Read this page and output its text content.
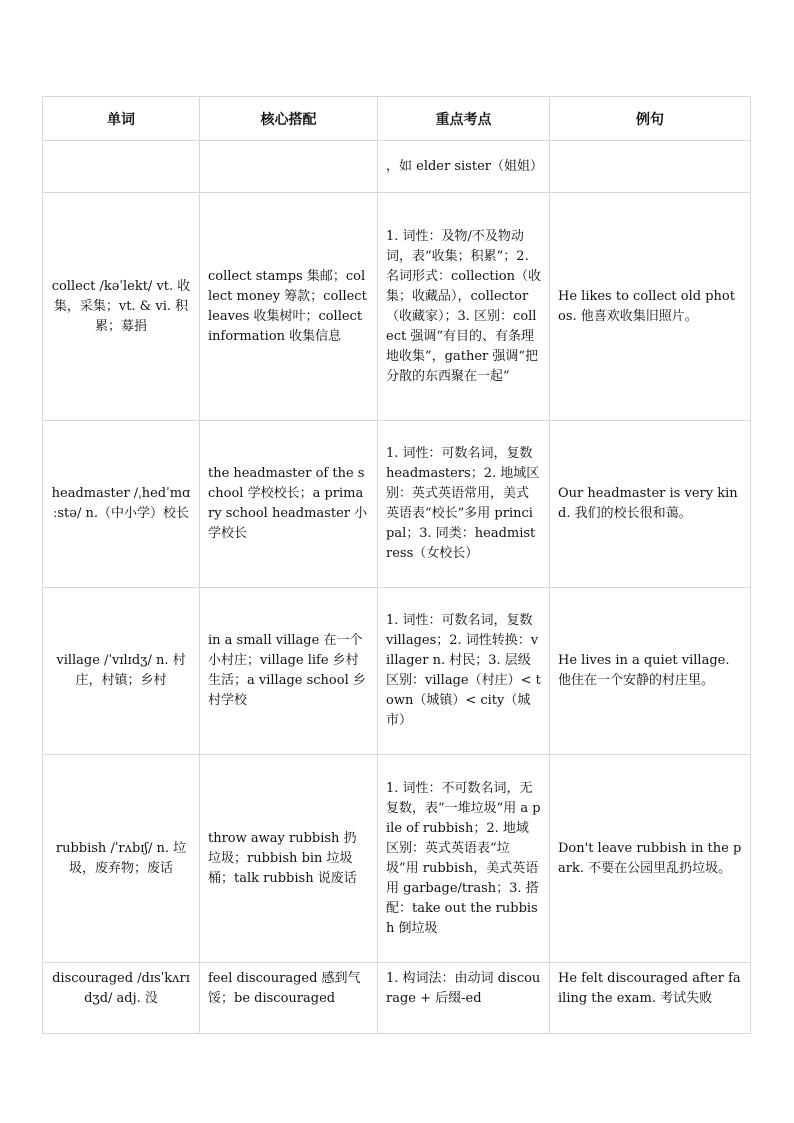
单词	核心搭配	重点考点	例句
		，如 elder sister（姐姐）	
collect /kəˈlekt/ vt. 收集，采集；vt. & vi. 积累；募捐	collect stamps 集邮；collect money 筹款；collect leaves 收集树叶；collect information 收集信息	1. 词性：及物/不及物动词，表“收集；积累”；2. 名词形式：collection（收集；收藏品），collector（收藏家）；3. 区别：collect 强调“有目的、有条理地收集”，gather 强调“把分散的东西聚在一起”	He likes to collect old photos. 他喜欢收集旧照片。
headmaster /ˌhedˈmɑːstə/ n.（中小学）校长	the headmaster of the school 学校校长；a primary school headmaster 小学校长	1. 词性：可数名词，复数 headmasters；2. 地域区别：英式英语常用，美式英语表“校长”多用 principal；3. 同类：headmistress（女校长）	Our headmaster is very kind. 我们的校长很和蔼。
village /ˈvɪlɪdʒ/ n. 村庄，村镇；乡村	in a small village 在一个小村庄；village life 乡村生活；a village school 乡村学校	1. 词性：可数名词，复数 villages；2. 词性转换：villager n. 村民；3. 层级区别：village（村庄）< town（城镇）< city（城市）	He lives in a quiet village. 他住在一个安静的村庄里。
rubbish /ˈrʌbɪʃ/ n. 垃圾，废弃物；废话	throw away rubbish 扔垃圾；rubbish bin 垃圾桶；talk rubbish 说废话	1. 词性：不可数名词，无复数，表“一堆垃圾”用 a pile of rubbish；2. 地域区别：英式英语表“垃圾”用 rubbish，美式英语用 garbage/trash；3. 搭配：take out the rubbish 倒垃圾	Don't leave rubbish in the park. 不要在公园里乱扔垃圾。

discouraged /dɪsˈkʌrɪdʒd/ adj. 没	feel discouraged 感到气馁；be discouraged	1. 构词法：由动词 discourage + 后缀-ed	He felt discouraged after failing the exam. 考试失败
